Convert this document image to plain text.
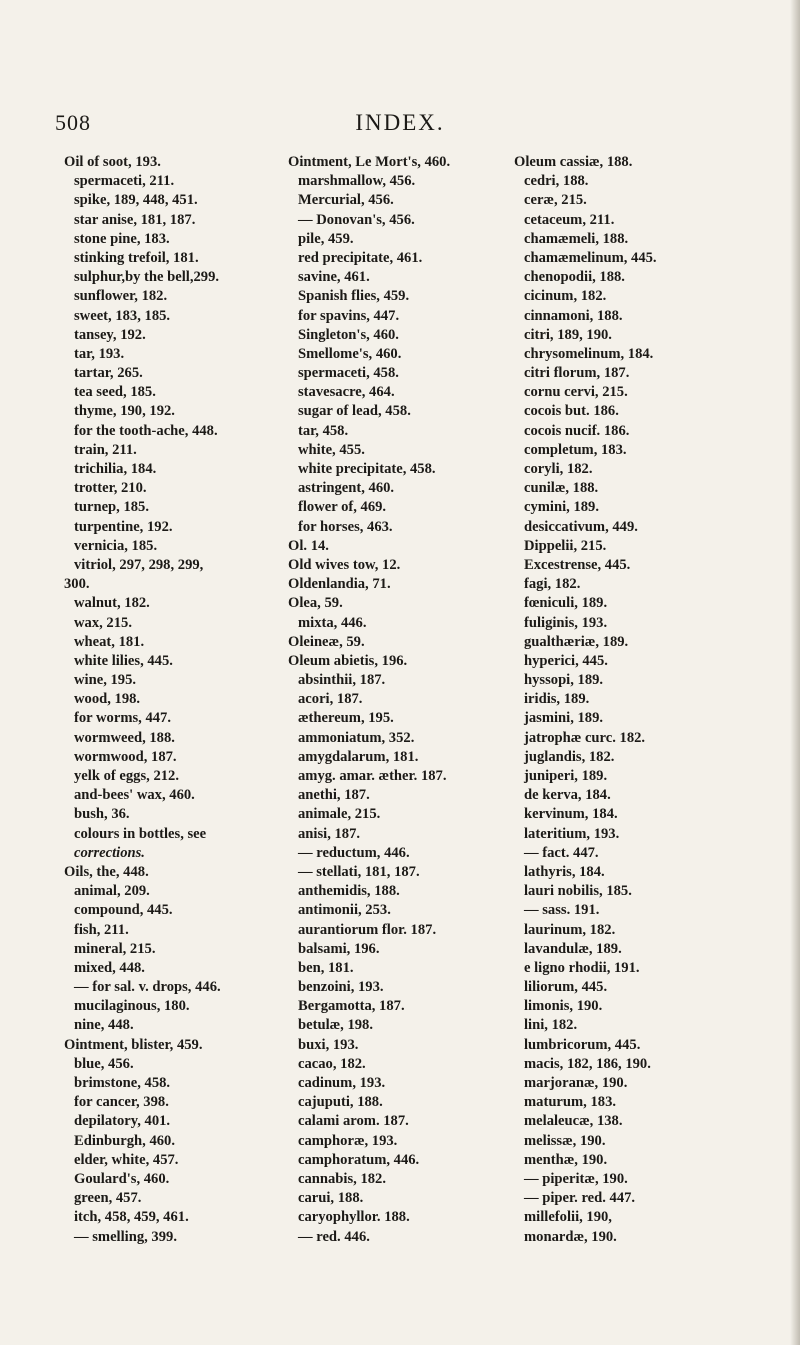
508	INDEX.
Oil of soot, 193.
spermaceti, 211.
spike, 189, 448, 451.
star anise, 181, 187.
stone pine, 183.
stinking trefoil, 181.
sulphur,by the bell,299.
sunflower, 182.
sweet, 183, 185.
tansey, 192.
tar, 193.
tartar, 265.
tea seed, 185.
thyme, 190, 192.
for the tooth-ache, 448.
train, 211.
trichilia, 184.
trotter, 210.
turnep, 185.
turpentine, 192.
vernicia, 185.
vitriol, 297, 298, 299,
300.
walnut, 182.
wax, 215.
wheat, 181.
white lilies, 445.
wine, 195.
wood, 198.
for worms, 447.
wormweed, 188.
wormwood, 187.
yelk of eggs, 212.
and-bees' wax, 460.
bush, 36.
colours in bottles, see
corrections.
Oils, the, 448.
animal, 209.
compound, 445.
fish, 211.
mineral, 215.
mixed, 448.
— for sal. v. drops, 446.
mucilaginous, 180.
nine, 448.
Ointment, blister, 459.
blue, 456.
brimstone, 458.
for cancer, 398.
depilatory, 401.
Edinburgh, 460.
elder, white, 457.
Goulard's, 460.
green, 457.
itch, 458, 459, 461.
— smelling, 399.
Ointment, Le Mort's, 460.
marshmallow, 456.
Mercurial, 456.
— Donovan's, 456.
pile, 459.
red precipitate, 461.
savine, 461.
Spanish flies, 459.
for spavins, 447.
Singleton's, 460.
Smellome's, 460.
spermaceti, 458.
stavesacre, 464.
sugar of lead, 458.
tar, 458.
white, 455.
white precipitate, 458.
astringent, 460.
flower of, 469.
for horses, 463.
Ol. 14.
Old wives tow, 12.
Oldenlandia, 71.
Olea, 59.
mixta, 446.
Oleineæ, 59.
Oleum abietis, 196.
absinthii, 187.
acori, 187.
æthereum, 195.
ammoniatum, 352.
amygdalarum, 181.
amyg. amar. æther. 187.
anethi, 187.
animale, 215.
anisi, 187.
— reductum, 446.
— stellati, 181, 187.
anthemidis, 188.
antimonii, 253.
aurantiorum flor. 187.
balsami, 196.
ben, 181.
benzoini, 193.
Bergamotta, 187.
betulæ, 198.
buxi, 193.
cacao, 182.
cadinum, 193.
cajuputi, 188.
calami arom. 187.
camphoræ, 193.
camphoratum, 446.
cannabis, 182.
carui, 188.
caryophyllor. 188.
— red. 446.
Oleum cassiæ, 188.
cedri, 188.
ceræ, 215.
cetaceum, 211.
chamæmeli, 188.
chamæmelinum, 445.
chenopodii, 188.
cicinum, 182.
cinnamoni, 188.
citri, 189, 190.
chrysomelinum, 184.
citri florum, 187.
cornu cervi, 215.
cocois but. 186.
cocois nucif. 186.
completum, 183.
coryli, 182.
cunilæ, 188.
cymini, 189.
desiccativum, 449.
Dippelii, 215.
Excestrense, 445.
fagi, 182.
fœniculi, 189.
fuliginis, 193.
gualthæriæ, 189.
hyperici, 445.
hyssopi, 189.
iridis, 189.
jasmini, 189.
jatrophæ curc. 182.
juglandis, 182.
juniperi, 189.
de kerva, 184.
kervinum, 184.
lateritium, 193.
— fact. 447.
lathyris, 184.
lauri nobilis, 185.
— sass. 191.
laurinum, 182.
lavandulæ, 189.
e ligno rhodii, 191.
liliorum, 445.
limonis, 190.
lini, 182.
lumbricorum, 445.
macis, 182, 186, 190.
marjoranæ, 190.
maturum, 183.
melaleucæ, 138.
melissæ, 190.
menthæ, 190.
— piperitæ, 190.
— piper. red. 447.
millefolii, 190,
monardæ, 190.
